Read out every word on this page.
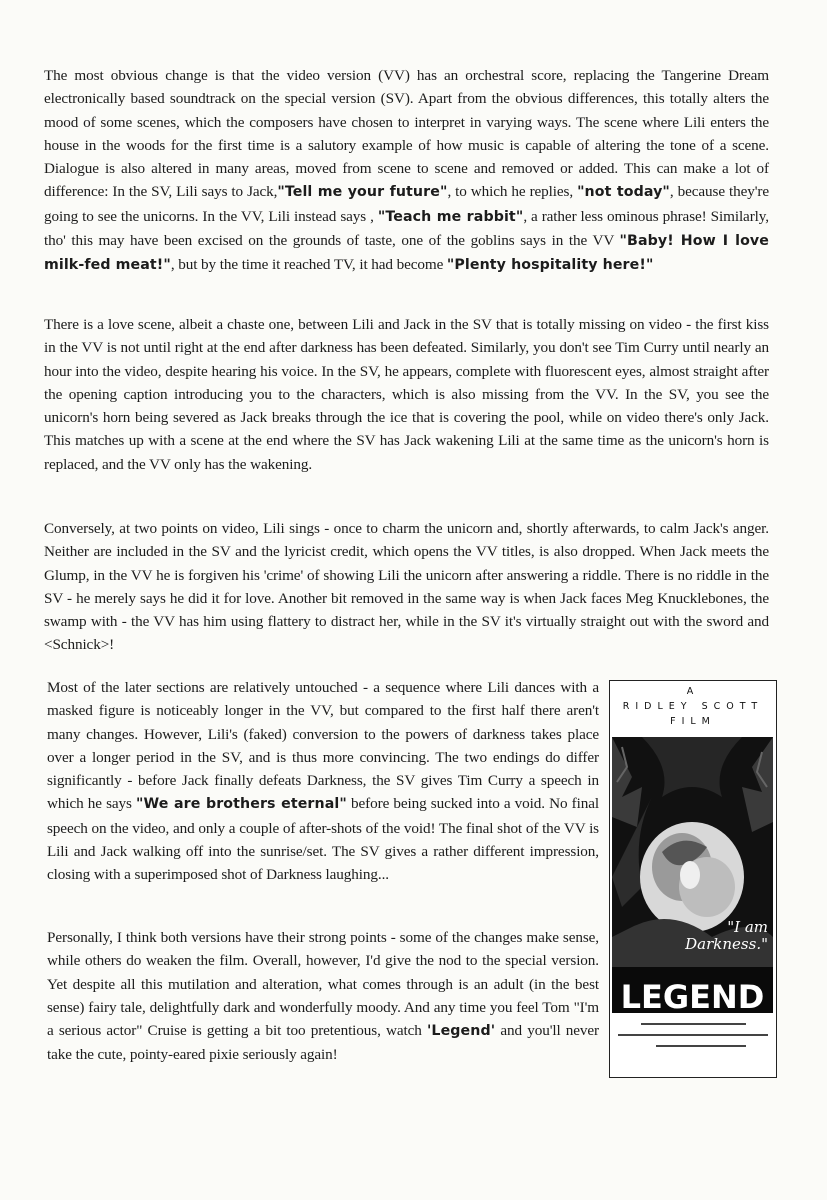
The most obvious change is that the video version (VV) has an orchestral score, replacing the Tangerine Dream electronically based soundtrack on the special version (SV). Apart from the obvious differences, this totally alters the mood of some scenes, which the composers have chosen to interpret in varying ways. The scene where Lili enters the house in the woods for the first time is a salutory example of how music is capable of altering the tone of a scene. Dialogue is also altered in many areas, moved from scene to scene and removed or added. This can make a lot of difference: In the SV, Lili says to Jack,"Tell me your future", to which he replies, "not today", because they're going to see the unicorns. In the VV, Lili instead says , "Teach me rabbit", a rather less ominous phrase! Similarly, tho' this may have been excised on the grounds of taste, one of the goblins says in the VV "Baby! How I love milk-fed meat!", but by the time it reached TV, it had become "Plenty hospitality here!"

There is a love scene, albeit a chaste one, between Lili and Jack in the SV that is totally missing on video - the first kiss in the VV is not until right at the end after darkness has been defeated. Similarly, you don't see Tim Curry until nearly an hour into the video, despite hearing his voice. In the SV, he appears, complete with fluorescent eyes, almost straight after the opening caption introducing you to the characters, which is also missing from the VV. In the SV, you see the unicorn's horn being severed as Jack breaks through the ice that is covering the pool, while on video there's only Jack. This matches up with a scene at the end where the SV has Jack wakening Lili at the same time as the unicorn's horn is replaced, and the VV only has the wakening.

Conversely, at two points on video, Lili sings - once to charm the unicorn and, shortly afterwards, to calm Jack's anger. Neither are included in the SV and the lyricist credit, which opens the VV titles, is also dropped. When Jack meets the Glump, in the VV he is forgiven his 'crime' of showing Lili the unicorn after answering a riddle. There is no riddle in the SV - he merely says he did it for love. Another bit removed in the same way is when Jack faces Meg Knucklebones, the swamp with - the VV has him using flattery to distract her, while in the SV it's virtually straight out with the sword and <Schnick>!

Most of the later sections are relatively untouched - a sequence where Lili dances with a masked figure is noticeably longer in the VV, but compared to the first half there aren't many changes. However, Lili's (faked) conversion to the powers of darkness takes place over a longer period in the SV, and is thus more convincing. The two endings do differ significantly - before Jack finally defeats Darkness, the SV gives Tim Curry a speech in which he says "We are brothers eternal" before being sucked into a void. No final speech on the video, and only a couple of after-shots of the void! The final shot of the VV is Lili and Jack walking off into the sunrise/set. The SV gives a rather different impression, closing with a superimposed shot of Darkness laughing...

Personally, I think both versions have their strong points - some of the changes make sense, while others do weaken the film. Overall, however, I'd give the nod to the special version. Yet despite all this mutilation and alteration, what comes through is an adult (in the best sense) fairy tale, delightfully dark and wonderfully moody. And any time you feel Tom "I'm a serious actor" Cruise is getting a bit too pretentious, watch 'Legend' and you'll never take the cute, pointy-eared pixie seriously again!

A
RIDLEY SCOTT
FILM
"I am
Darkness."
LEGEND
